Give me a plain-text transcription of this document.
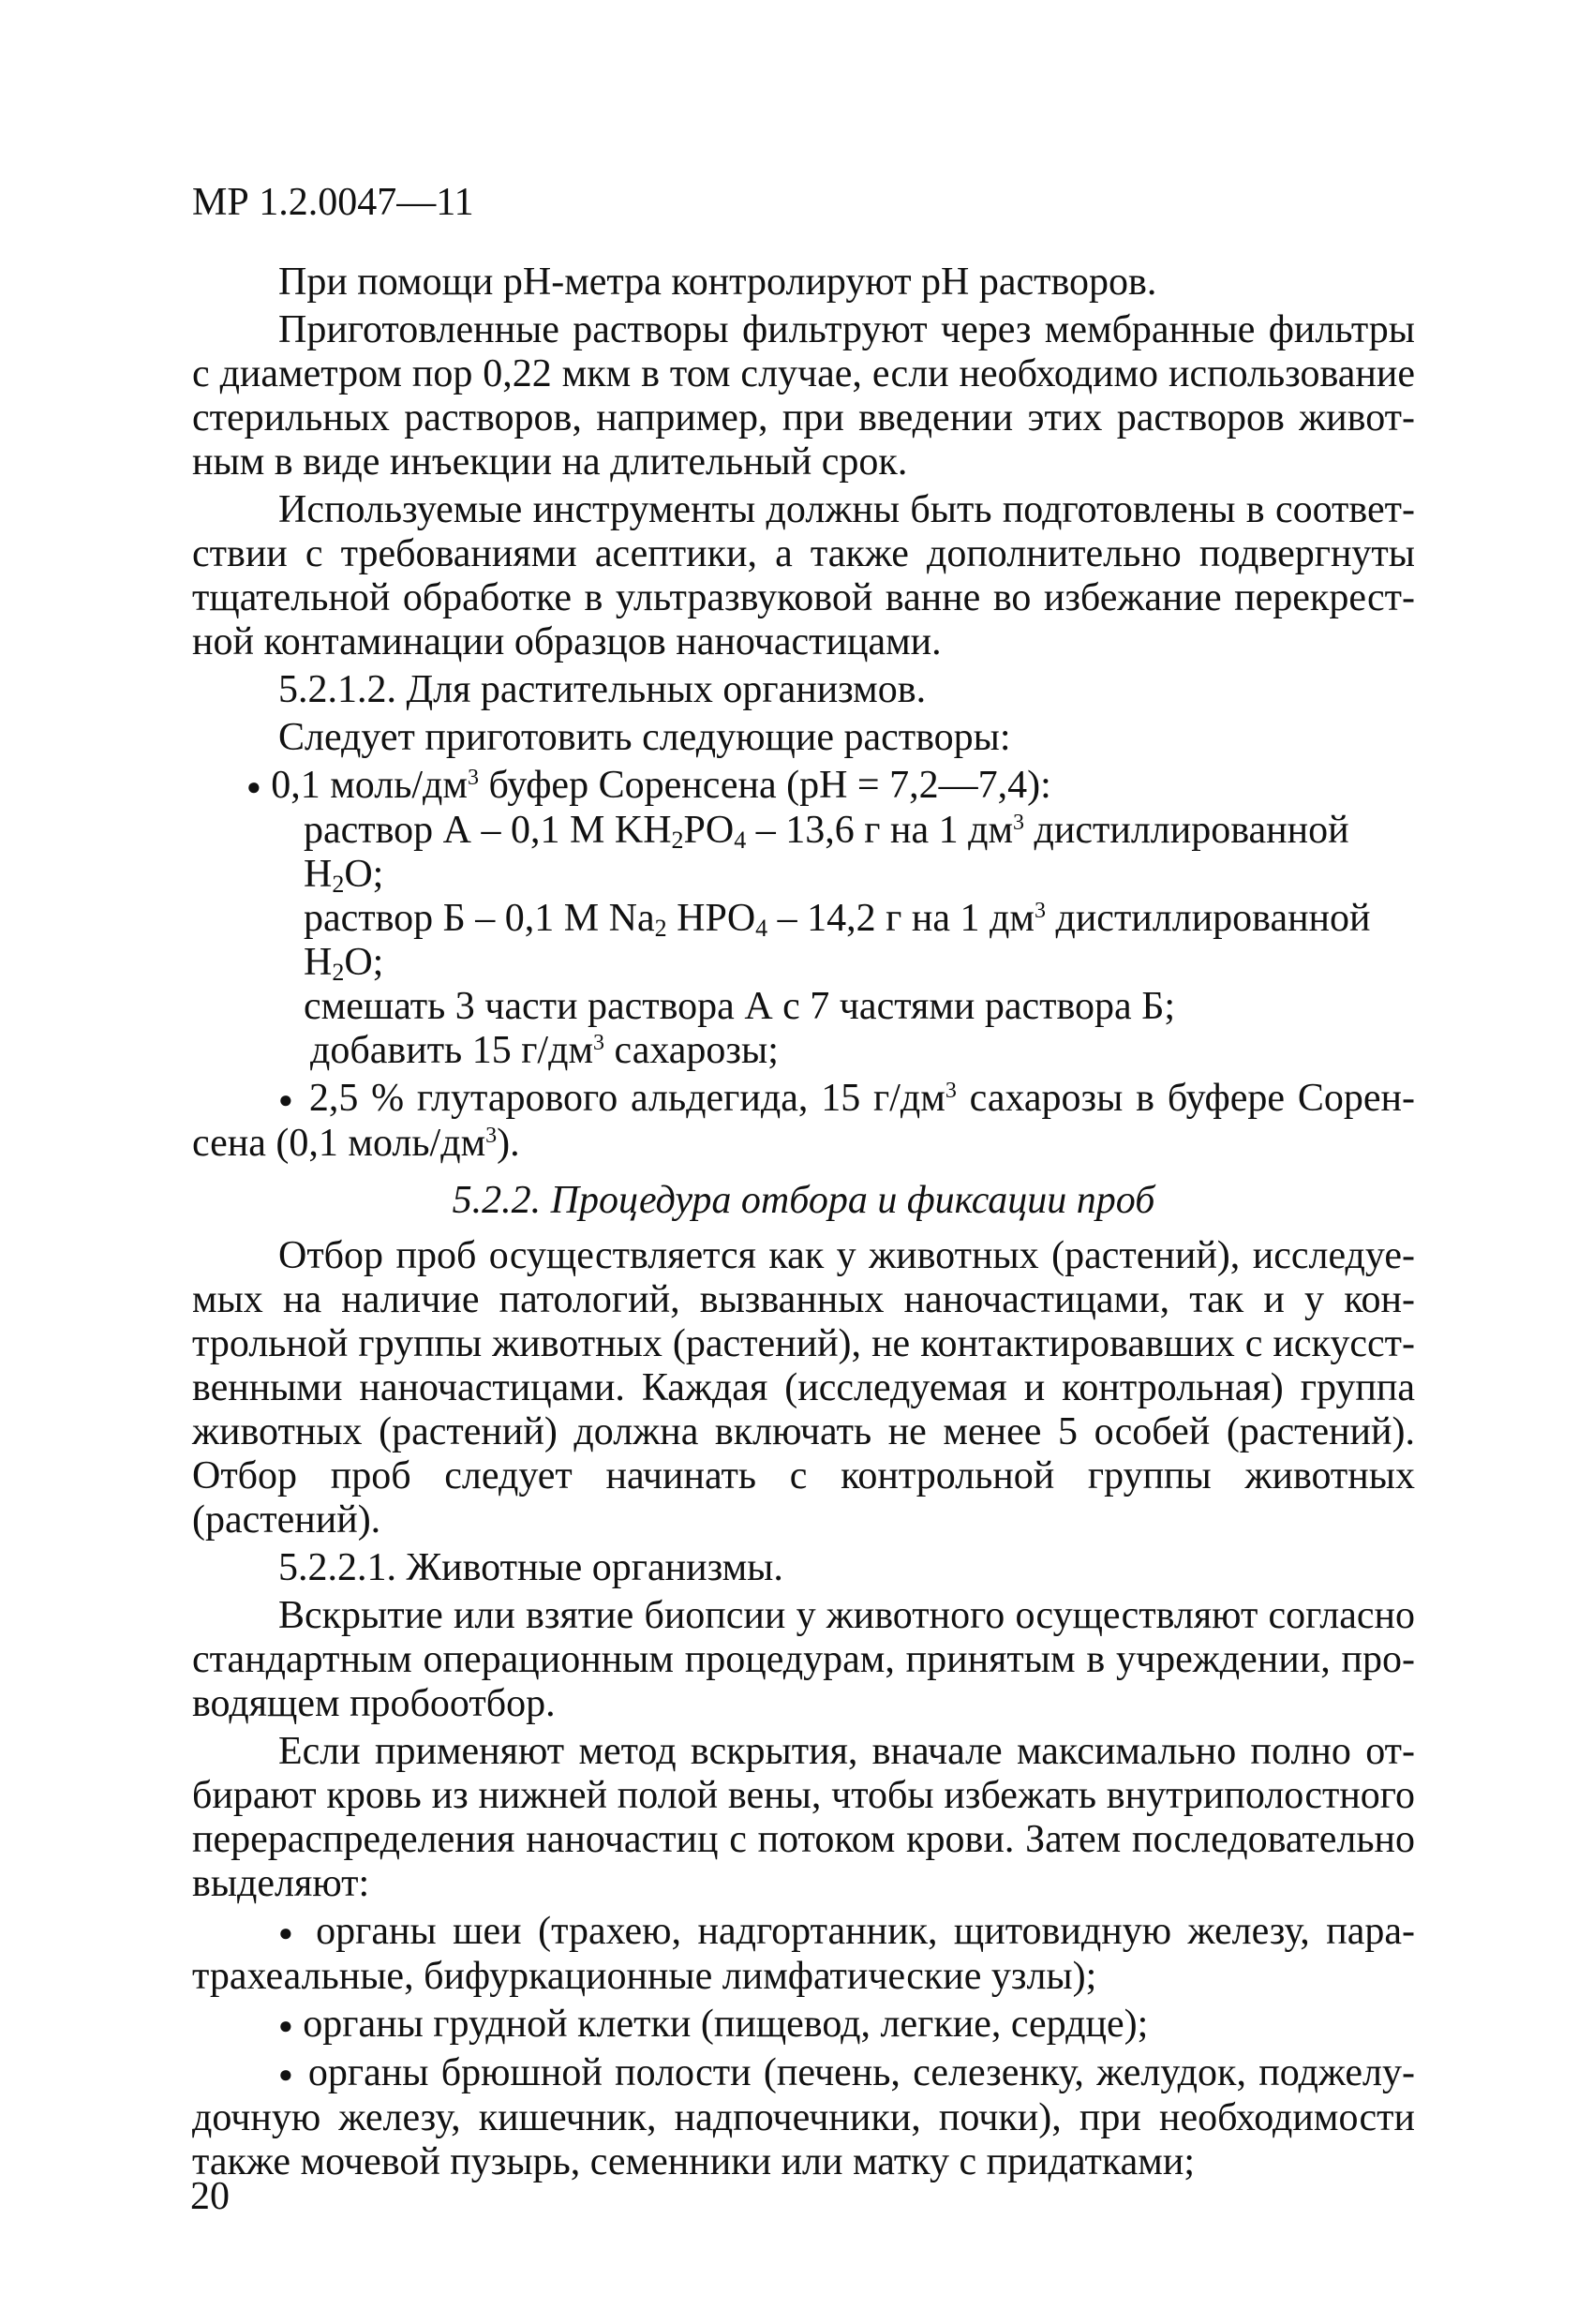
МР 1.2.0047—11

При помощи рН-метра контролируют рН растворов.

Приготовленные растворы фильтруют через мембранные фильтры с диаметром пор 0,22 мкм в том случае, если необходимо использование стерильных растворов, например, при введении этих растворов животным в виде инъекции на длительный срок.

Используемые инструменты должны быть подготовлены в соответствии с требованиями асептики, а также дополнительно подвергнуты тщательной обработке в ультразвуковой ванне во избежание перекрестной контаминации образцов наночастицами.

5.2.1.2. Для растительных организмов.

Следует приготовить следующие растворы:

● 0,1 моль/$дм^3$ буфер Соренсена (рН = 7,2—7,4):

раствор А – 0,1 М $KH_2PO_4 - 13,6$ г на 1 $дм^3$ дистиллированной $H_2O$;

раствор Б – 0,1 М $Na_2$ $HPO_4 - 14,2$ г на 1 $дм^3$ дистиллированной $H_2O$;

смешать 3 части раствора А с 7 частями раствора Б;

добавить 15 $г/дм^3$ сахарозы;

● 2,5 % глутарового альдегида, 15 $г/дм^3$ сахарозы в буфере Соренсена (0,1 моль/$дм^3$).

5.2.2. Процедура отбора и фиксации проб

Отбор проб осуществляется как у животных (растений), исследуемых на наличие патологий, вызванных наночастицами, так и у контрольной группы животных (растений), не контактировавших с искусственными наночастицами. Каждая (исследуемая и контрольная) группа животных (растений) должна включать не менее 5 особей (растений). Отбор проб следует начинать с контрольной группы животных (растений).

5.2.2.1. Животные организмы.

Вскрытие или взятие биопсии у животного осуществляют согласно стандартным операционным процедурам, принятым в учреждении, проводящем пробоотбор.

Если применяют метод вскрытия, вначале максимально полно отбирают кровь из нижней полой вены, чтобы избежать внутриполостного перераспределения наночастиц с потоком крови. Затем последовательно выделяют:

● органы шеи (трахею, надгортанник, щитовидную железу, паратрахеальные, бифуркационные лимфатические узлы);

● органы грудной клетки (пищевод, легкие, сердце);

● органы брюшной полости (печень, селезенку, желудок, поджелудочную железу, кишечник, надпочечники, почки), при необходимости также мочевой пузырь, семенники или матку с придатками;

20
